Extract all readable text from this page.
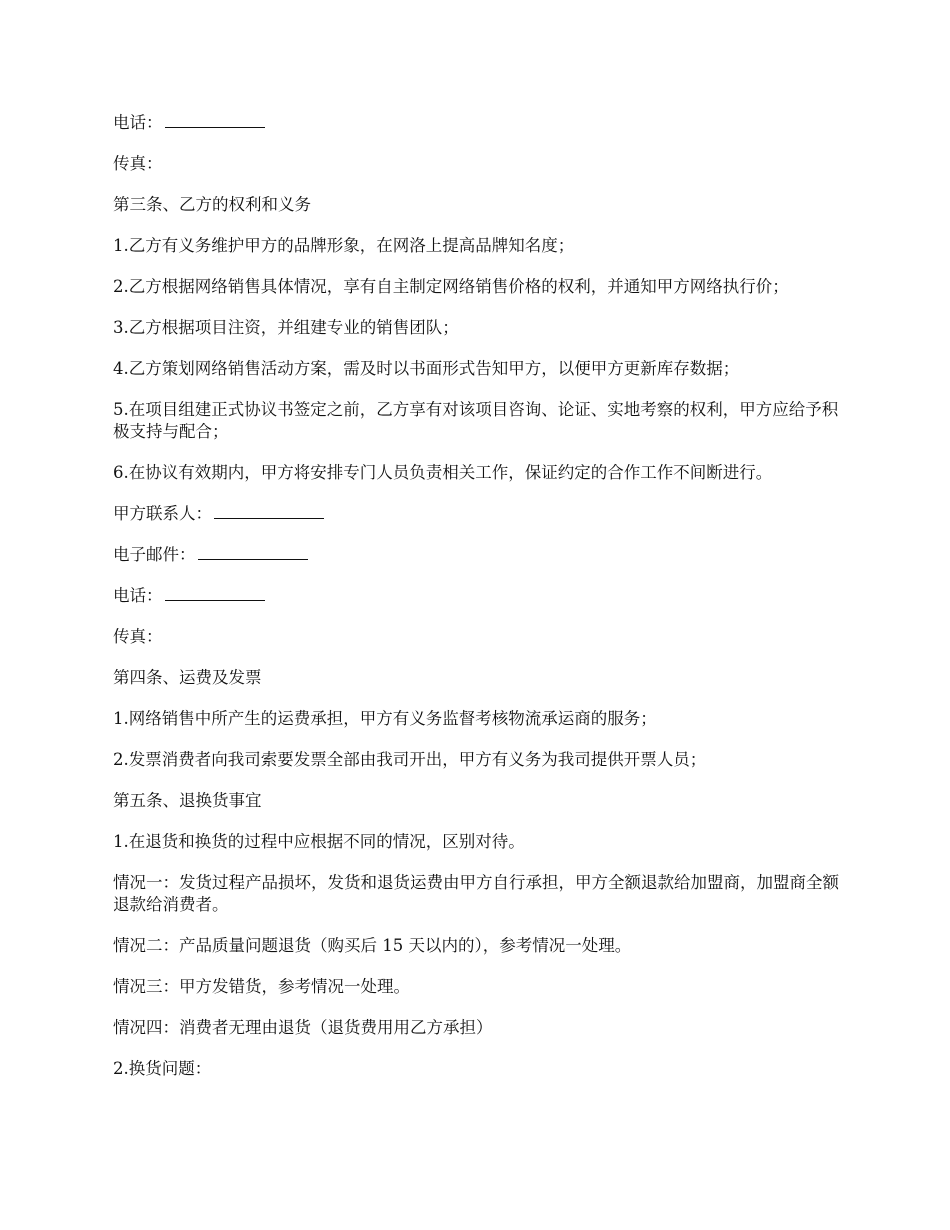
电话：

传真：

第三条、乙方的权利和义务

1.乙方有义务维护甲方的品牌形象，在网洛上提高品牌知名度；

2.乙方根据网络销售具体情况，享有自主制定网络销售价格的权利，并通知甲方网络执行价；

3.乙方根据项目注资，并组建专业的销售团队；

4.乙方策划网络销售活动方案，需及时以书面形式告知甲方，以便甲方更新库存数据；

5.在项目组建正式协议书签定之前，乙方享有对该项目咨询、论证、实地考察的权利，甲方应给予积极支持与配合；

6.在协议有效期内，甲方将安排专门人员负责相关工作，保证约定的合作工作不间断进行。

甲方联系人：

电子邮件：

电话：

传真：

第四条、运费及发票

1.网络销售中所产生的运费承担，甲方有义务监督考核物流承运商的服务；

2.发票消费者向我司索要发票全部由我司开出，甲方有义务为我司提供开票人员；

第五条、退换货事宜

1.在退货和换货的过程中应根据不同的情况，区别对待。

情况一：发货过程产品损坏，发货和退货运费由甲方自行承担，甲方全额退款给加盟商，加盟商全额退款给消费者。

情况二：产品质量问题退货（购买后 15 天以内的），参考情况一处理。

情况三：甲方发错货，参考情况一处理。

情况四：消费者无理由退货（退货费用用乙方承担）

2.换货问题：
